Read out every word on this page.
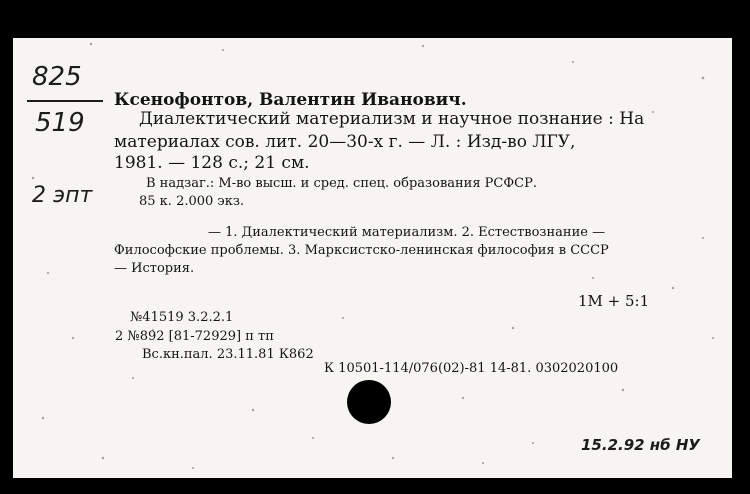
825
519
2 эпт
Ксенофонтов, Валентин Иванович.
Диалектический материализм и научное познание : На
материалах сов. лит. 20—30-х г. — Л. : Изд-во ЛГУ,
1981. — 128 с.; 21 см.
В надзаг.: М-во высш. и сред. спец. образования РСФСР.
85 к. 2.000 экз.
— 1. Диалектический материализм. 2. Естествознание —
Философские проблемы. 3. Марксистско-ленинская философия в СССР
— История.
1М + 5:1
№41519 3.2.2.1
2 №892 [81-72929] п тп
Вс.кн.пал. 23.11.81 К862
К 10501-114/076(02)-81 14-81. 0302020100
15.2.92 нб НУ
